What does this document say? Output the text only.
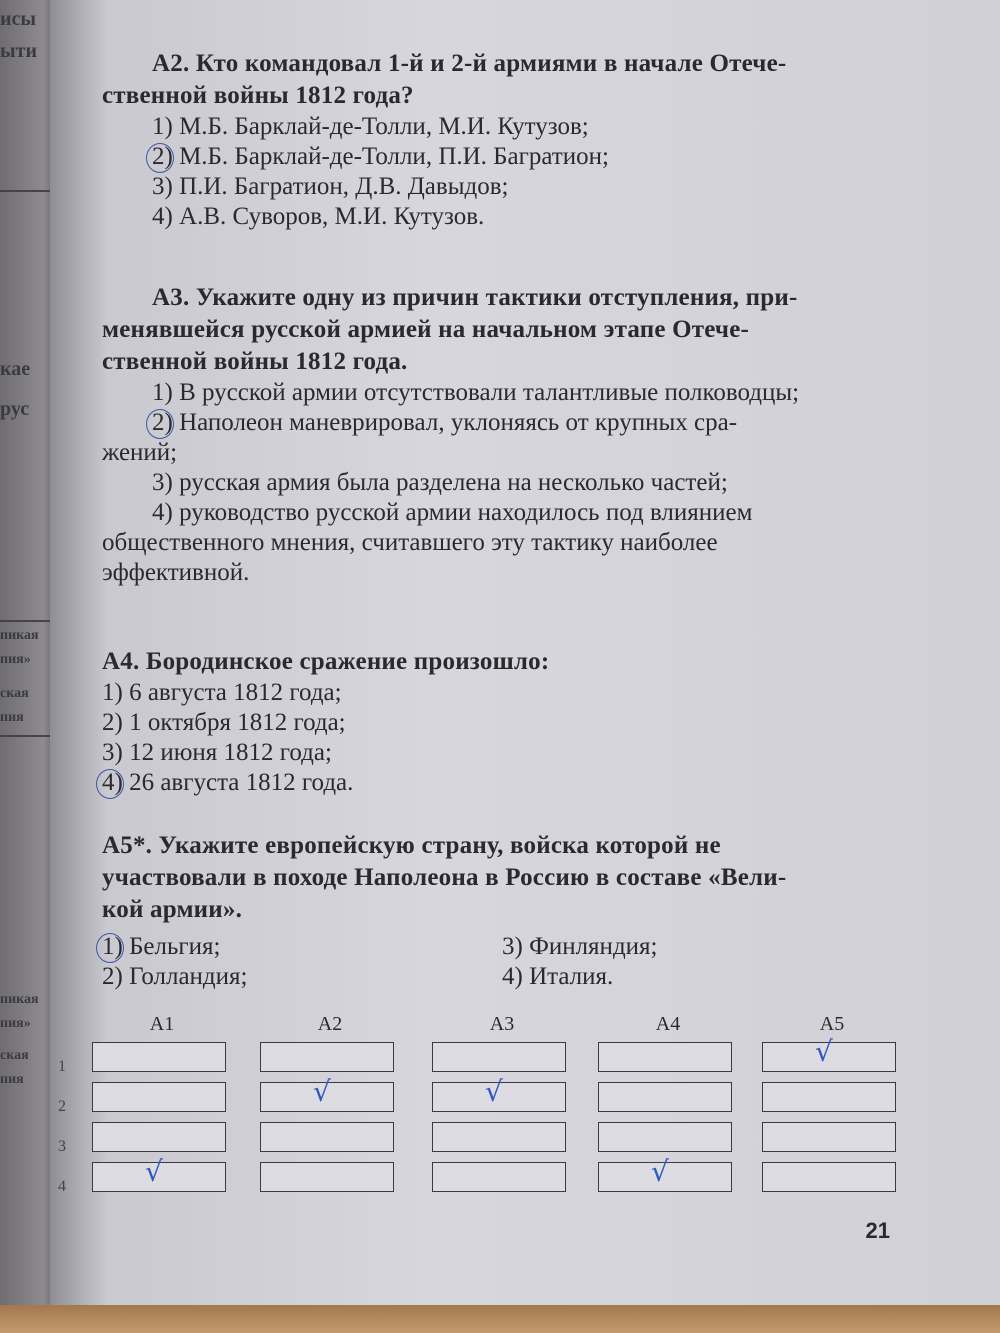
исы
ыти
кае
рус
пикая
пия»
ская
пия
пикая
пия»
ская
пия
А2. Кто командовал 1-й и 2-й армиями в начале Отече-
ственной войны 1812 года?
1) М.Б. Барклай-де-Толли, М.И. Кутузов;
2) М.Б. Барклай-де-Толли, П.И. Багратион;
3) П.И. Багратион, Д.В. Давыдов;
4) А.В. Суворов, М.И. Кутузов.
А3. Укажите одну из причин тактики отступления, при-
менявшейся русской армией на начальном этапе Отече-
ственной войны 1812 года.
1) В русской армии отсутствовали талантливые полководцы;
2) Наполеон маневрировал, уклоняясь от крупных сра-
жений;
3) русская армия была разделена на несколько частей;
4) руководство русской армии находилось под влиянием
общественного мнения, считавшего эту тактику наиболее
эффективной.
А4. Бородинское сражение произошло:
1) 6 августа 1812 года;
2) 1 октября 1812 года;
3) 12 июня 1812 года;
4) 26 августа 1812 года.
А5*. Укажите европейскую страну, войска которой не
участвовали в походе Наполеона в Россию в составе «Вели-
кой армии».
1) Бельгия;
2) Голландия;
3) Финляндия;
4) Италия.
1
2
3
4
А1
√
А2
√
А3
√
А4
√
А5
√
21
